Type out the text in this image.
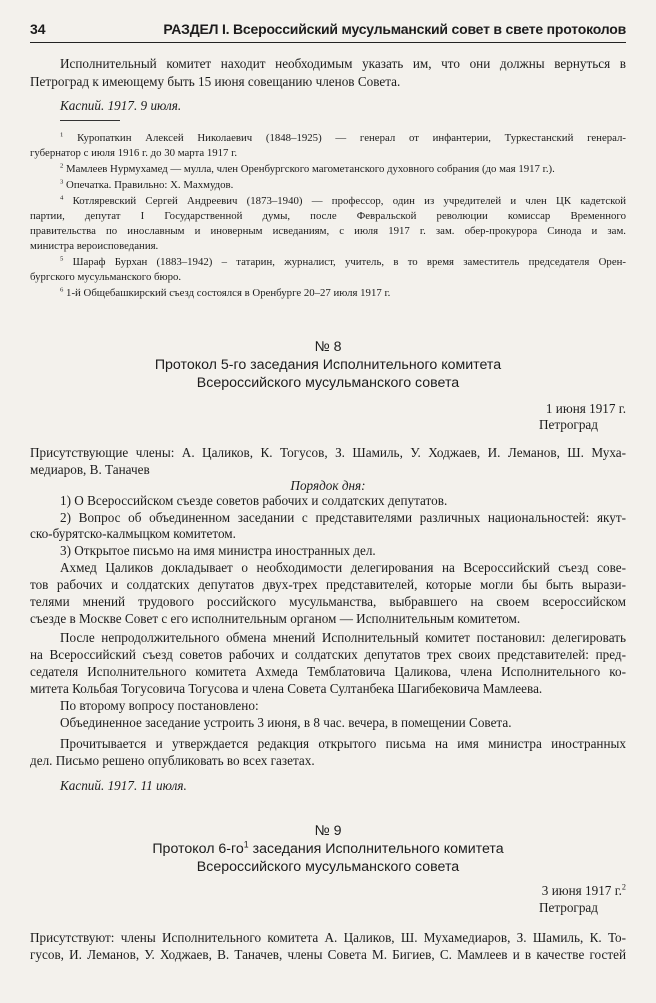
34	РАЗДЕЛ I. Всероссийский мусульманский совет в свете протоколов
Исполнительный комитет находит необходимым указать им, что они должны вернуться в
Петроград к имеющему быть 15 июня совещанию членов Совета.
Каспий. 1917. 9 июля.
$^1$ Куропаткин Алексей Николаевич (1848–1925) — генерал от инфантерии, Туркестанский генерал-
губернатор с июля 1916 г. до 30 марта 1917 г.
$^2$ Мамлеев Нурмухамед — мулла, член Оренбургского магометанского духовного собрания (до мая 1917 г.).
$^3$ Опечатка. Правильно: Х. Махмудов.
$^4$ Котляревский Сергей Андреевич (1873–1940) — профессор, один из учредителей и член ЦК кадетской
партии, депутат I Государственной думы, после Февральской революции комиссар Временного
правительства по инославным и иноверным исведаниям, с июля 1917 г. зам. обер-прокурора Синода и зам.
министра вероисповедания.
$^5$ Шараф Бурхан (1883–1942) – татарин, журналист, учитель, в то время заместитель председателя Орен-
бургского мусульманского бюро.
$^6$ 1-й Общебашкирский съезд состоялся в Оренбурге 20–27 июля 1917 г.
№ 8
Протокол 5-го заседания Исполнительного комитета
Всероссийского мусульманского совета
1 июня 1917 г.
Петроград
Присутствующие члены: А. Цаликов, К. Тогусов, З. Шамиль, У. Ходжаев, И. Леманов, Ш. Муха-
медиаров, В. Таначев
Порядок дня:
1) О Всероссийском съезде советов рабочих и солдатских депутатов.
2) Вопрос об объединенном заседании с представителями различных национальностей: якут-
ско-бурятско-калмыцком комитетом.
3) Открытое письмо на имя министра иностранных дел.
Ахмед Цаликов докладывает о необходимости делегирования на Всероссийский съезд сове-
тов рабочих и солдатских депутатов двух-трех представителей, которые могли бы быть вырази-
телями мнений трудового российского мусульманства, выбравшего на своем всероссийском
съезде в Москве Совет с его исполнительным органом — Исполнительным комитетом.
После непродолжительного обмена мнений Исполнительный комитет постановил: делегировать
на Всероссийский съезд советов рабочих и солдатских депутатов трех своих представителей: пред-
седателя Исполнительного комитета Ахмеда Темблатовича Цаликова, члена Исполнительного ко-
митета Кольбая Тогусовича Тогусова и члена Совета Султанбека Шагибековича Мамлеева.
По второму вопросу постановлено:
Объединенное заседание устроить 3 июня, в 8 час. вечера, в помещении Совета.
Прочитывается и утверждается редакция открытого письма на имя министра иностранных
дел. Письмо решено опубликовать во всех газетах.
Каспий. 1917. 11 июля.
№ 9
Протокол $6-го^1$ заседания Исполнительного комитета
Всероссийского мусульманского совета
3 июня 1917 г.$^2$
Петроград
Присутствуют: члены Исполнительного комитета А. Цаликов, Ш. Мухамедиаров, З. Шамиль, К. То-
гусов, И. Леманов, У. Ходжаев, В. Таначев, члены Совета М. Бигиев, С. Мамлеев и в качестве гостей
